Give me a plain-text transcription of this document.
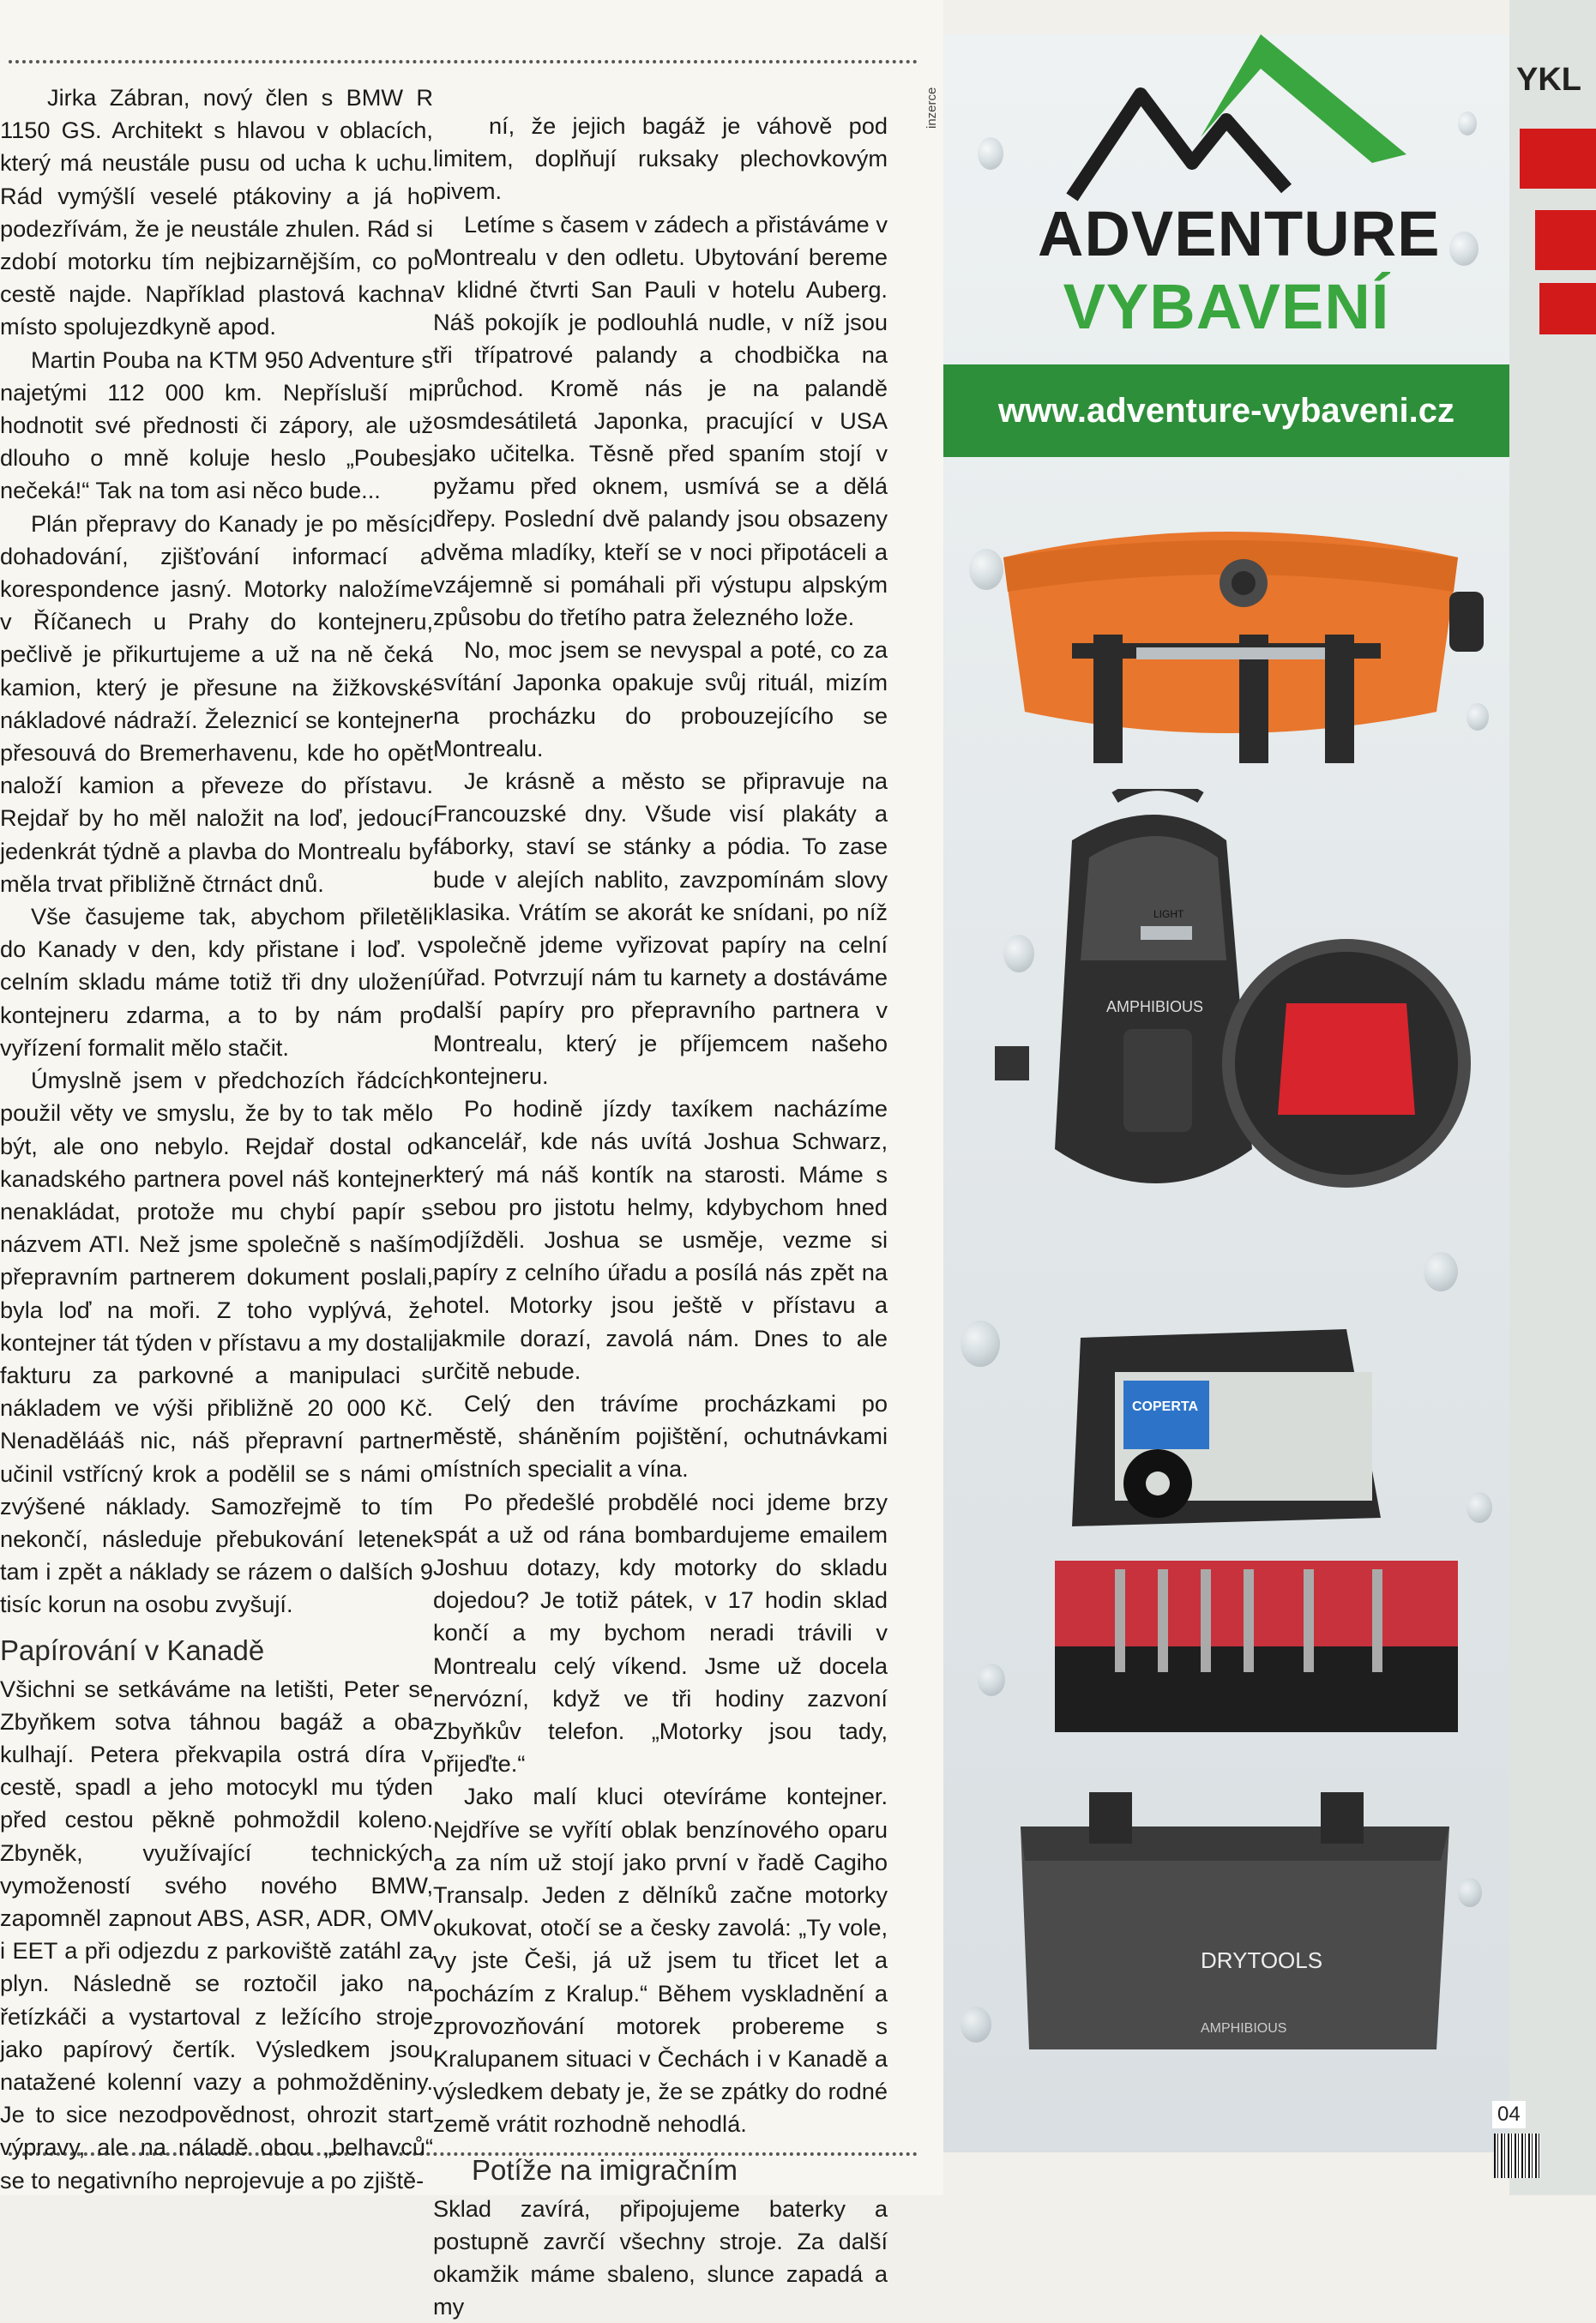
Jirka Zábran, nový člen s BMW R 1150 GS. Architekt s hlavou v oblacích, který má neustále pusu od ucha k uchu. Rád vymýšlí veselé ptákoviny a já ho podezřívám, že je neustále zhulen. Rád si zdobí motorku tím nejbizarnějším, co po cestě najde. Například plastová kachna místo spolujezdkyně apod.

Martin Pouba na KTM 950 Adventure s najetými 112 000 km. Nepřísluší mi hodnotit své přednosti či zápory, ale už dlouho o mně koluje heslo „Poubes nečeká!“ Tak na tom asi něco bude...

Plán přepravy do Kanady je po měsíci dohadování, zjišťování informací a korespondence jasný. Motorky naložíme v Říčanech u Prahy do kontejneru, pečlivě je přikurtujeme a už na ně čeká kamion, který je přesune na žižkovské nákladové nádraží. Železnicí se kontejner přesouvá do Bremerhavenu, kde ho opět naloží kamion a převeze do přístavu. Rejdař by ho měl naložit na loď, jedoucí jedenkrát týdně a plavba do Montrealu by měla trvat přibližně čtrnáct dnů.

Vše časujeme tak, abychom přiletěli do Kanady v den, kdy přistane i loď. V celním skladu máme totiž tři dny uložení kontejneru zdarma, a to by nám pro vyřízení formalit mělo stačit.

Úmyslně jsem v předchozích řádcích použil věty ve smyslu, že by to tak mělo být, ale ono nebylo. Rejdař dostal od kanadského partnera povel náš kontejner nenakládat, protože mu chybí papír s názvem ATI. Než jsme společně s naším přepravním partnerem dokument poslali, byla loď na moři. Z toho vyplývá, že kontejner tát týden v přístavu a my dostali fakturu za parkovné a manipulaci s nákladem ve výši přibližně 20 000 Kč. Nenadělááš nic, náš přepravní partner učinil vstřícný krok a podělil se s námi o zvýšené náklady. Samozřejmě to tím nekončí, následuje přebukování letenek tam i zpět a náklady se rázem o dalších 9 tisíc korun na osobu zvyšují.

Papírování v Kanadě

Všichni se setkáváme na letišti, Peter se Zbyňkem sotva táhnou bagáž a oba kulhají. Petera překvapila ostrá díra v cestě, spadl a jeho motocykl mu týden před cestou pěkně pohmoždil koleno. Zbyněk, využívající technických vymožeností svého nového BMW, zapomněl zapnout ABS, ASR, ADR, OMV i EET a při odjezdu z parkoviště zatáhl za plyn. Následně se roztočil jako na řetízkáči a vystartoval z ležícího stroje jako papírový čertík. Výsledkem jsou natažené kolenní vazy a pohmožděniny. Je to sice nezodpovědnost, ohrozit start výpravy, ale na náladě obou „belhavců“ se to negativního neprojevuje a po zjiště-

ní, že jejich bagáž je váhově pod limitem, doplňují ruksaky plechovkovým pivem.

Letíme s časem v zádech a přistáváme v Montrealu v den odletu. Ubytování bereme v klidné čtvrti San Pauli v hotelu Auberg. Náš pokojík je podlouhlá nudle, v níž jsou tři třípatrové palandy a chodbička na průchod. Kromě nás je na palandě osmdesátiletá Japonka, pracující v USA jako učitelka. Těsně před spaním stojí v pyžamu před oknem, usmívá se a dělá dřepy. Poslední dvě palandy jsou obsazeny dvěma mladíky, kteří se v noci připotáceli a vzájemně si pomáhali při výstupu alpským způsobu do třetího patra železného lože.

No, moc jsem se nevyspal a poté, co za svítání Japonka opakuje svůj rituál, mizím na procházku do probouzejícího se Montrealu.

Je krásně a město se připravuje na Francouzské dny. Všude visí plakáty a fáborky, staví se stánky a pódia. To zase bude v alejích nablito, zavzpomínám slovy klasika. Vrátím se akorát ke snídani, po níž společně jdeme vyřizovat papíry na celní úřad. Potvrzují nám tu karnety a dostáváme další papíry pro přepravního partnera v Montrealu, který je příjemcem našeho kontejneru.

Po hodině jízdy taxíkem nacházíme kancelář, kde nás uvítá Joshua Schwarz, který má náš kontík na starosti. Máme s sebou pro jistotu helmy, kdybychom hned odjížděli. Joshua se usměje, vezme si papíry z celního úřadu a posílá nás zpět na hotel. Motorky jsou ještě v přístavu a jakmile dorazí, zavolá nám. Dnes to ale určitě nebude.

Celý den trávíme procházkami po městě, sháněním pojištění, ochutnávkami místních specialit a vína.

Po předešlé probdělé noci jdeme brzy spát a už od rána bombardujeme emailem Joshuu dotazy, kdy motorky do skladu dojedou? Je totiž pátek, v 17 hodin sklad končí a my bychom neradi trávili v Montrealu celý víkend. Jsme už docela nervózní, když ve tři hodiny zazvoní Zbyňkův telefon. „Motorky jsou tady, přijeďte.“

Jako malí kluci otevíráme kontejner. Nejdříve se vyřítí oblak benzínového oparu a za ním už stojí jako první v řadě Cagiho Transalp. Jeden z dělníků začne motorky okukovat, otočí se a česky zavolá: „Ty vole, vy jste Češi, já už jsem tu třicet let a pocházím z Kralup.“ Během vyskladnění a zprovozňování motorek probereme s Kralupanem situaci v Čechách i v Kanadě a výsledkem debaty je, že se zpátky do rodné země vrátit rozhodně nehodlá.

Potíže na imigračním

Sklad zavírá, připojujeme baterky a postupně zavrčí všechny stroje. Za další okamžik máme sbaleno, slunce zapadá a my

inzerce
ADVENTURE
VYBAVENÍ
www.adventure-vybaveni.cz
AMPHIBIOUS
LIGHT
COPERTA
DRYTOOLS
AMPHIBIOUS
YKL
04
